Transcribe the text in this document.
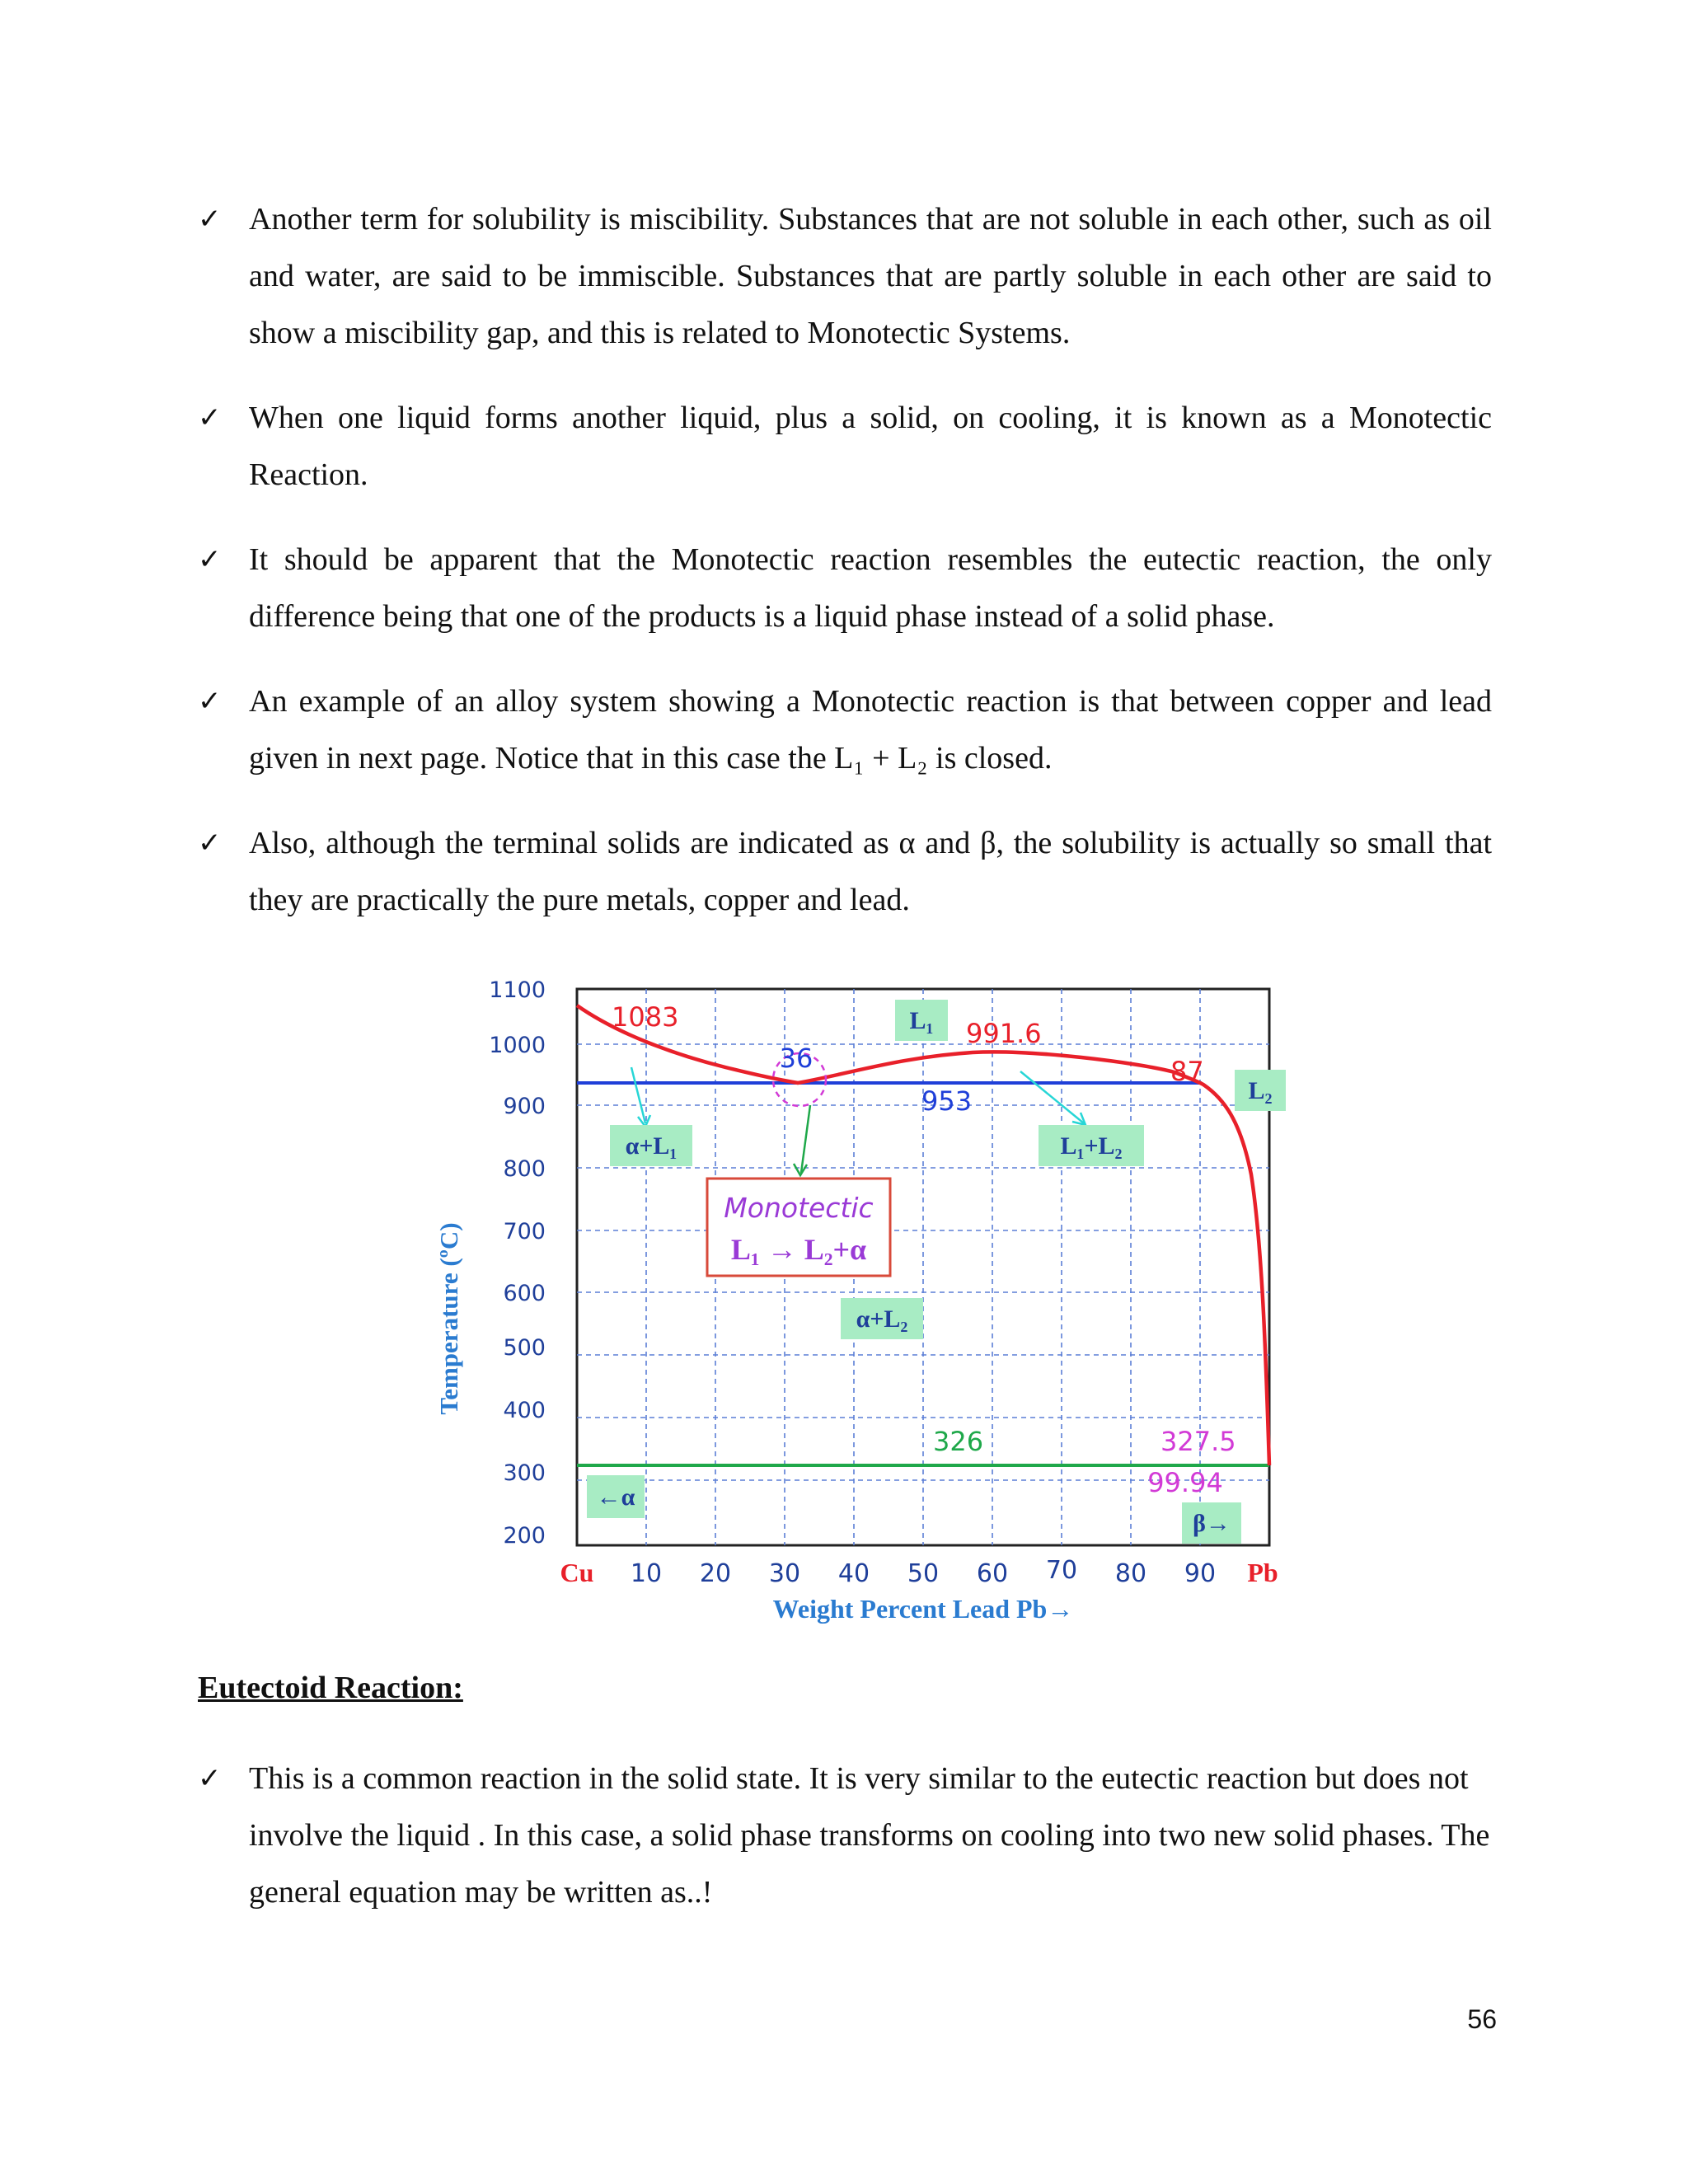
✓ Another term for solubility is miscibility. Substances that are not soluble in each other, such as oil and water, are said to be immiscible. Substances that are partly soluble in each other are said to show a miscibility gap, and this is related to Monotectic Systems.
✓ When one liquid forms another liquid, plus a solid, on cooling, it is known as a Monotectic Reaction.
✓ It should be apparent that the Monotectic reaction resembles the eutectic reaction, the only difference being that one of the products is a liquid phase instead of a solid phase.
✓ An example of an alloy system showing a Monotectic reaction is that between copper and lead given in next page. Notice that in this case the L₁ + L₂ is closed.
✓ Also, although the terminal solids are indicated as α and β, the solubility is actually so small that they are practically the pure metals, copper and lead.
1100
1000
900
800
700
600
500
400
300
200
Cu 10 20 30 40 50 60 70 80 90 Pb
Weight Percent Lead Pb→
Temperature (ºC)
1083
36
991.6
87
953
326	327.5
99.94
L₁
L₂
α+L₁	L₁+L₂
α+L₂
←α
β→
Monotectic
L₁ → L₂+α
Eutectoid Reaction:
✓ This is a common reaction in the solid state. It is very similar to the eutectic reaction but does not involve the liquid . In this case, a solid phase transforms on cooling into two new solid phases. The general equation may be written as..!
56
